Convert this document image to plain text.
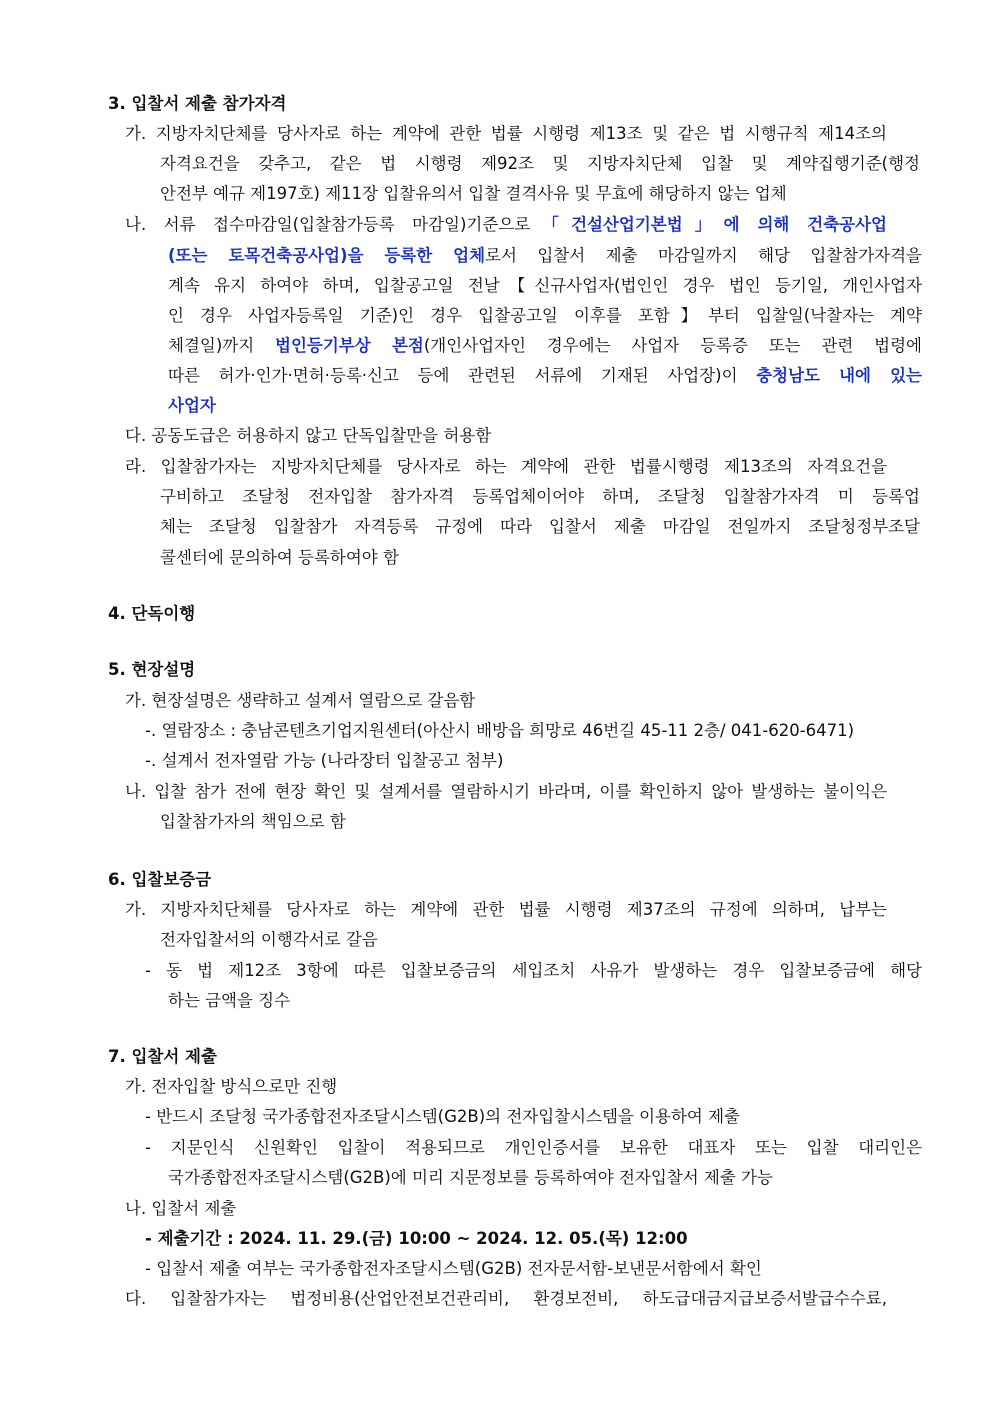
3. 입찰서 제출 참가자격
가. 지방자치단체를 당사자로 하는 계약에 관한 법률 시행령 제13조 및 같은 법 시행규칙 제14조의
자격요건을 갖추고, 같은 법 시행령 제92조 및 지방자치단체 입찰 및 계약집행기준(행정
안전부 예규 제197호) 제11장 입찰유의서 입찰 결격사유 및 무효에 해당하지 않는 업체
나. 서류 접수마감일(입찰참가등록 마감일)기준으로「건설산업기본법」에 의해 건축공사업
(또는 토목건축공사업)을 등록한 업체로서 입찰서 제출 마감일까지 해당 입찰참가자격을
계속 유지 하여야 하며, 입찰공고일 전날【신규사업자(법인인 경우 법인 등기일, 개인사업자
인 경우 사업자등록일 기준)인 경우 입찰공고일 이후를 포함】부터 입찰일(낙찰자는 계약
체결일)까지 법인등기부상 본점(개인사업자인 경우에는 사업자 등록증 또는 관련 법령에
따른 허가·인가·면허·등록·신고 등에 관련된 서류에 기재된 사업장)이 충청남도 내에 있는
사업자
다. 공동도급은 허용하지 않고 단독입찰만을 허용함
라. 입찰참가자는 지방자치단체를 당사자로 하는 계약에 관한 법률시행령 제13조의 자격요건을
구비하고 조달청 전자입찰 참가자격 등록업체이어야 하며, 조달청 입찰참가자격 미 등록업
체는 조달청 입찰참가 자격등록 규정에 따라 입찰서 제출 마감일 전일까지 조달청정부조달
콜센터에 문의하여 등록하여야 함
4. 단독이행
5. 현장설명
가. 현장설명은 생략하고 설계서 열람으로 갈음함
-. 열람장소 : 충남콘텐츠기업지원센터(아산시 배방읍 희망로 46번길 45-11 2층/ 041-620-6471)
-. 설계서 전자열람 가능 (나라장터 입찰공고 첨부)
나. 입찰 참가 전에 현장 확인 및 설계서를 열람하시기 바라며, 이를 확인하지 않아 발생하는 불이익은
입찰참가자의 책임으로 함
6. 입찰보증금
가. 지방자치단체를 당사자로 하는 계약에 관한 법률 시행령 제37조의 규정에 의하며, 납부는
전자입찰서의 이행각서로 갈음
- 동 법 제12조 3항에 따른 입찰보증금의 세입조치 사유가 발생하는 경우 입찰보증금에 해당
하는 금액을 징수
7. 입찰서 제출
가. 전자입찰 방식으로만 진행
- 반드시 조달청 국가종합전자조달시스템(G2B)의 전자입찰시스템을 이용하여 제출
- 지문인식 신원확인 입찰이 적용되므로 개인인증서를 보유한 대표자 또는 입찰 대리인은
국가종합전자조달시스템(G2B)에 미리 지문정보를 등록하여야 전자입찰서 제출 가능
나. 입찰서 제출
- 제출기간 : 2024. 11. 29.(금) 10:00 ~ 2024. 12. 05.(목) 12:00
- 입찰서 제출 여부는 국가종합전자조달시스템(G2B) 전자문서함-보낸문서함에서 확인
다. 입찰참가자는 법정비용(산업안전보건관리비, 환경보전비, 하도급대금지급보증서발급수수료,
